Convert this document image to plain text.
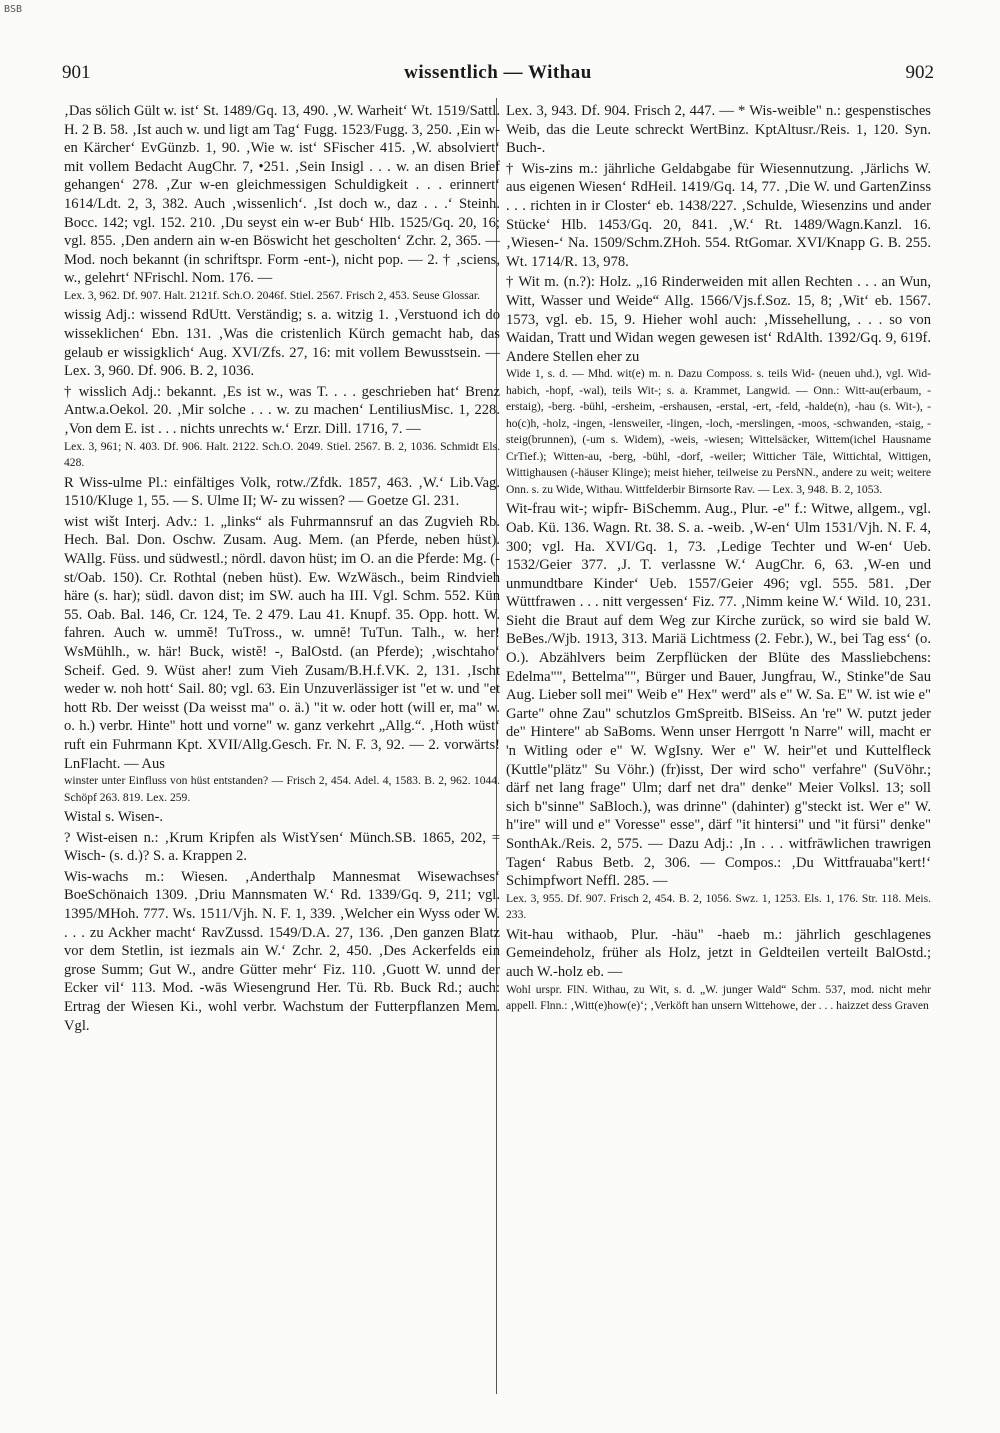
BSB
901	wissentlich — Withau	902

‚Das sölich Gült w. ist‘ St. 1489/Gq. 13, 490. ‚W. Warheit‘ Wt. 1519/Sattl. H. 2 B. 58. ‚Ist auch w. und ligt am Tag‘ Fugg. 1523/Fugg. 3, 250. ‚Ein w-en Kärcher‘ EvGünzb. 1, 90. ‚Wie w. ist‘ SFischer 415. ‚W. absolviert‘ mit vollem Bedacht AugChr. 7, •251. ‚Sein Insigl . . . w. an disen Brief gehangen‘ 278. ‚Zur w-en gleichmessigen Schuldigkeit . . . erinnert‘ 1614/Ldt. 2, 3, 382. Auch ‚wissenlich‘. ‚Ist doch w., daz . . .‘ Steinh. Bocc. 142; vgl. 152. 210. ‚Du seyst ein w-er Bub‘ Hlb. 1525/Gq. 20, 16; vgl. 855. ‚Den andern ain w-en Böswicht het gescholten‘ Zchr. 2, 365. — Mod. noch bekannt (in schriftspr. Form -ent-), nicht pop. — 2. † ‚sciens, w., gelehrt‘ NFrischl. Nom. 176. —

Lex. 3, 962. Df. 907. Halt. 2121f. Sch.O. 2046f. Stiel. 2567. Frisch 2, 453. Seuse Glossar.

wissig Adj.: wissend RdUtt. Verständig; s. a. witzig 1. ‚Verstuond ich do wisseklichen‘ Ebn. 131. ‚Was die cristenlich Kürch gemacht hab, das gelaub er wissigklich‘ Aug. XVI/Zfs. 27, 16: mit vollem Bewusstsein. — Lex. 3, 960. Df. 906. B. 2, 1036.

† wisslich Adj.: bekannt. ‚Es ist w., was T. . . . geschrieben hat‘ Brenz Antw.a.Oekol. 20. ‚Mir solche . . . w. zu machen‘ LentiliusMisc. 1, 228. ‚Von dem E. ist . . . nichts unrechts w.‘ Erzr. Dill. 1716, 7. —

Lex. 3, 961; N. 403. Df. 906. Halt. 2122. Sch.O. 2049. Stiel. 2567. B. 2, 1036. Schmidt Els. 428.

R Wiss-ulme Pl.: einfältiges Volk, rotw./Zfdk. 1857, 463. ‚W.‘ Lib.Vag. 1510/Kluge 1, 55. — S. Ulme II; W- zu wissen? — Goetze Gl. 231.

wist wišt Interj. Adv.: 1. „links“ als Fuhrmannsruf an das Zugvieh Rb. Hech. Bal. Don. Oschw. Zusam. Aug. Mem. (an Pferde, neben hüst). WAllg. Füss. und südwestl.; nördl. davon hüst; im O. an die Pferde: Mg. (-st/Oab. 150). Cr. Rothtal (neben hüst). Ew. WzWäsch., beim Rindvieh häre (s. har); südl. davon dist; im SW. auch ha III. Vgl. Schm. 552. Kün 55. Oab. Bal. 146, Cr. 124, Te. 2 479. Lau 41. Knupf. 35. Opp. hott. W. fahren. Auch w. ummĕ! TuTross., w. umnĕ! TuTun. Talh., w. her! WsMühlh., w. här! Buck, wistĕ! -, BalOstd. (an Pferde); ‚wischtaho‘ Scheif. Ged. 9. Wüst aher! zum Vieh Zusam/B.H.f.VK. 2, 131. ‚Ischt weder w. noh hott‘ Sail. 80; vgl. 63. Ein Unzuverlässiger ist "et w. und "et hott Rb. Der weisst (Da weisst ma" o. ä.) "it w. oder hott (will er, ma" w. o. h.) verbr. Hinte" hott und vorne" w. ganz verkehrt „Allg.“. ‚Hoth wüst‘ ruft ein Fuhrmann Kpt. XVII/Allg.Gesch. Fr. N. F. 3, 92. — 2. vorwärts! LnFlacht. — Aus

winster unter Einfluss von hüst entstanden? — Frisch 2, 454. Adel. 4, 1583. B. 2, 962. 1044. Schöpf 263. 819. Lex. 259.

Wistal s. Wisen-.

? Wist-eisen n.: ‚Krum Kripfen als WistYsen‘ Münch.SB. 1865, 202, = Wisch- (s. d.)? S. a. Krappen 2.

Wis-wachs m.: Wiesen. ‚Anderthalp Mannesmat Wisewachses‘ BoeSchönaich 1309. ‚Driu Mannsmaten W.‘ Rd. 1339/Gq. 9, 211; vgl. 1395/MHoh. 777. Ws. 1511/Vjh. N. F. 1, 339. ‚Welcher ein Wyss oder W. . . . zu Ackher macht‘ RavZussd. 1549/D.A. 27, 136. ‚Den ganzen Blatz vor dem Stetlin, ist iezmals ain W.‘ Zchr. 2, 450. ‚Des Ackerfelds ein grose Summ; Gut W., andre Gütter mehr‘ Fiz. 110. ‚Guott W. unnd der Ecker vil‘ 113. Mod. -wās Wiesengrund Her. Tü. Rb. Buck Rd.; auch: Ertrag der Wiesen Ki., wohl verbr. Wachstum der Futterpflanzen Mem. Vgl.

Lex. 3, 943. Df. 904. Frisch 2, 447. — * Wis-weible" n.: gespenstisches Weib, das die Leute schreckt WertBinz. KptAltusr./Reis. 1, 120. Syn. Buch-.

† Wis-zins m.: jährliche Geldabgabe für Wiesennutzung. ‚Järlichs W. aus eigenen Wiesen‘ RdHeil. 1419/Gq. 14, 77. ‚Die W. und GartenZinss . . . richten in ir Closter‘ eb. 1438/227. ‚Schulde, Wiesenzins und ander Stücke‘ Hlb. 1453/Gq. 20, 841. ‚W.‘ Rt. 1489/Wagn.Kanzl. 16. ‚Wiesen-‘ Na. 1509/Schm.ZHoh. 554. RtGomar. XVI/Knapp G. B. 255. Wt. 1714/R. 13, 978.

† Wit m. (n.?): Holz. „16 Rinderweiden mit allen Rechten . . . an Wun, Witt, Wasser und Weide“ Allg. 1566/Vjs.f.Soz. 15, 8; ‚Wit‘ eb. 1567. 1573, vgl. eb. 15, 9. Hieher wohl auch: ‚Missehellung, . . . so von Waidan, Tratt und Widan wegen gewesen ist‘ RdAlth. 1392/Gq. 9, 619f. Andere Stellen eher zu

Wide 1, s. d. — Mhd. wit(e) m. n. Dazu Composs. s. teils Wid- (neuen uhd.), vgl. Wid-habich, -hopf, -wal), teils Wit-; s. a. Krammet, Langwid. — Onn.: Witt-au(erbaum, -erstaig), -berg. -bühl, -ersheim, -ershausen, -erstal, -ert, -feld, -halde(n), -hau (s. Wit-), -ho(c)h, -holz, -ingen, -lensweiler, -lingen, -loch, -merslingen, -moos, -schwanden, -staig, -steig(brunnen), (-um s. Widem), -weis, -wiesen; Wittelsäcker, Wittem(ichel Hausname CrTief.); Witten-au, -berg, -bühl, -dorf, -weiler; Witticher Täle, Wittichtal, Wittigen, Wittighausen (-häuser Klinge); meist hieher, teilweise zu PersNN., andere zu weit; weitere Onn. s. zu Wide, Withau. Wittfelderbir Birnsorte Rav. — Lex. 3, 948. B. 2, 1053.

Wit-frau wit-; wipfr- BiSchemm. Aug., Plur. -e" f.: Witwe, allgem., vgl. Oab. Kü. 136. Wagn. Rt. 38. S. a. -weib. ‚W-en‘ Ulm 1531/Vjh. N. F. 4, 300; vgl. Ha. XVI/Gq. 1, 73. ‚Ledige Techter und W-en‘ Ueb. 1532/Geier 377. ‚J. T. verlassne W.‘ AugChr. 6, 63. ‚W-en und unmundtbare Kinder‘ Ueb. 1557/Geier 496; vgl. 555. 581. ‚Der Wüttfrawen . . . nitt vergessen‘ Fiz. 77. ‚Nimm keine W.‘ Wild. 10, 231. Sieht die Braut auf dem Weg zur Kirche zurück, so wird sie bald W. BeBes./Wjb. 1913, 313. Mariä Lichtmess (2. Febr.), W., bei Tag ess‘ (o. O.). Abzählvers beim Zerpflücken der Blüte des Massliebchens: Edelma"", Bettelma"", Bürger und Bauer, Jungfrau, W., Stinke"de Sau Aug. Lieber soll mei" Weib e" Hex" werd" als e" W. Sa. E" W. ist wie e" Garte" ohne Zau" schutzlos GmSpreitb. BlSeiss. An 're" W. putzt jeder de" Hintere" ab SaBoms. Wenn unser Herrgott 'n Narre" will, macht er 'n Witling oder e" W. WgIsny. Wer e" W. heir"et und Kuttelfleck (Kuttle"plätz" Su Vöhr.) (fr)isst, Der wird scho" verfahre" (SuVöhr.; därf net lang frage" Ulm; darf net dra" denke" Meier Volksl. 13; soll sich b"sinne" SaBloch.), was drinne" (dahinter) g"steckt ist. Wer e" W. h"ire" will und e" Voresse" esse", därf "it hintersi" und "it fürsi" denke" SonthAk./Reis. 2, 575. — Dazu Adj.: ‚In . . . witfrāwlichen trawrigen Tagen‘ Rabus Betb. 2, 306. — Compos.: ‚Du Wittfrauaba"kert!‘ Schimpfwort Neffl. 285. —

Lex. 3, 955. Df. 907. Frisch 2, 454. B. 2, 1056. Swz. 1, 1253. Els. 1, 176. Str. 118. Meis. 233.

Wit-hau withaob, Plur. -häu" -haeb m.: jährlich geschlagenes Gemeindeholz, früher als Holz, jetzt in Geldteilen verteilt BalOstd.; auch W.-holz eb. —

Wohl urspr. FlN. Withau, zu Wit, s. d. „W. junger Wald“ Schm. 537, mod. nicht mehr appell. Flnn.: ‚Witt(e)how(e)‘; ‚Verköft han unsern Wittehowe, der . . . haizzet dess Graven
